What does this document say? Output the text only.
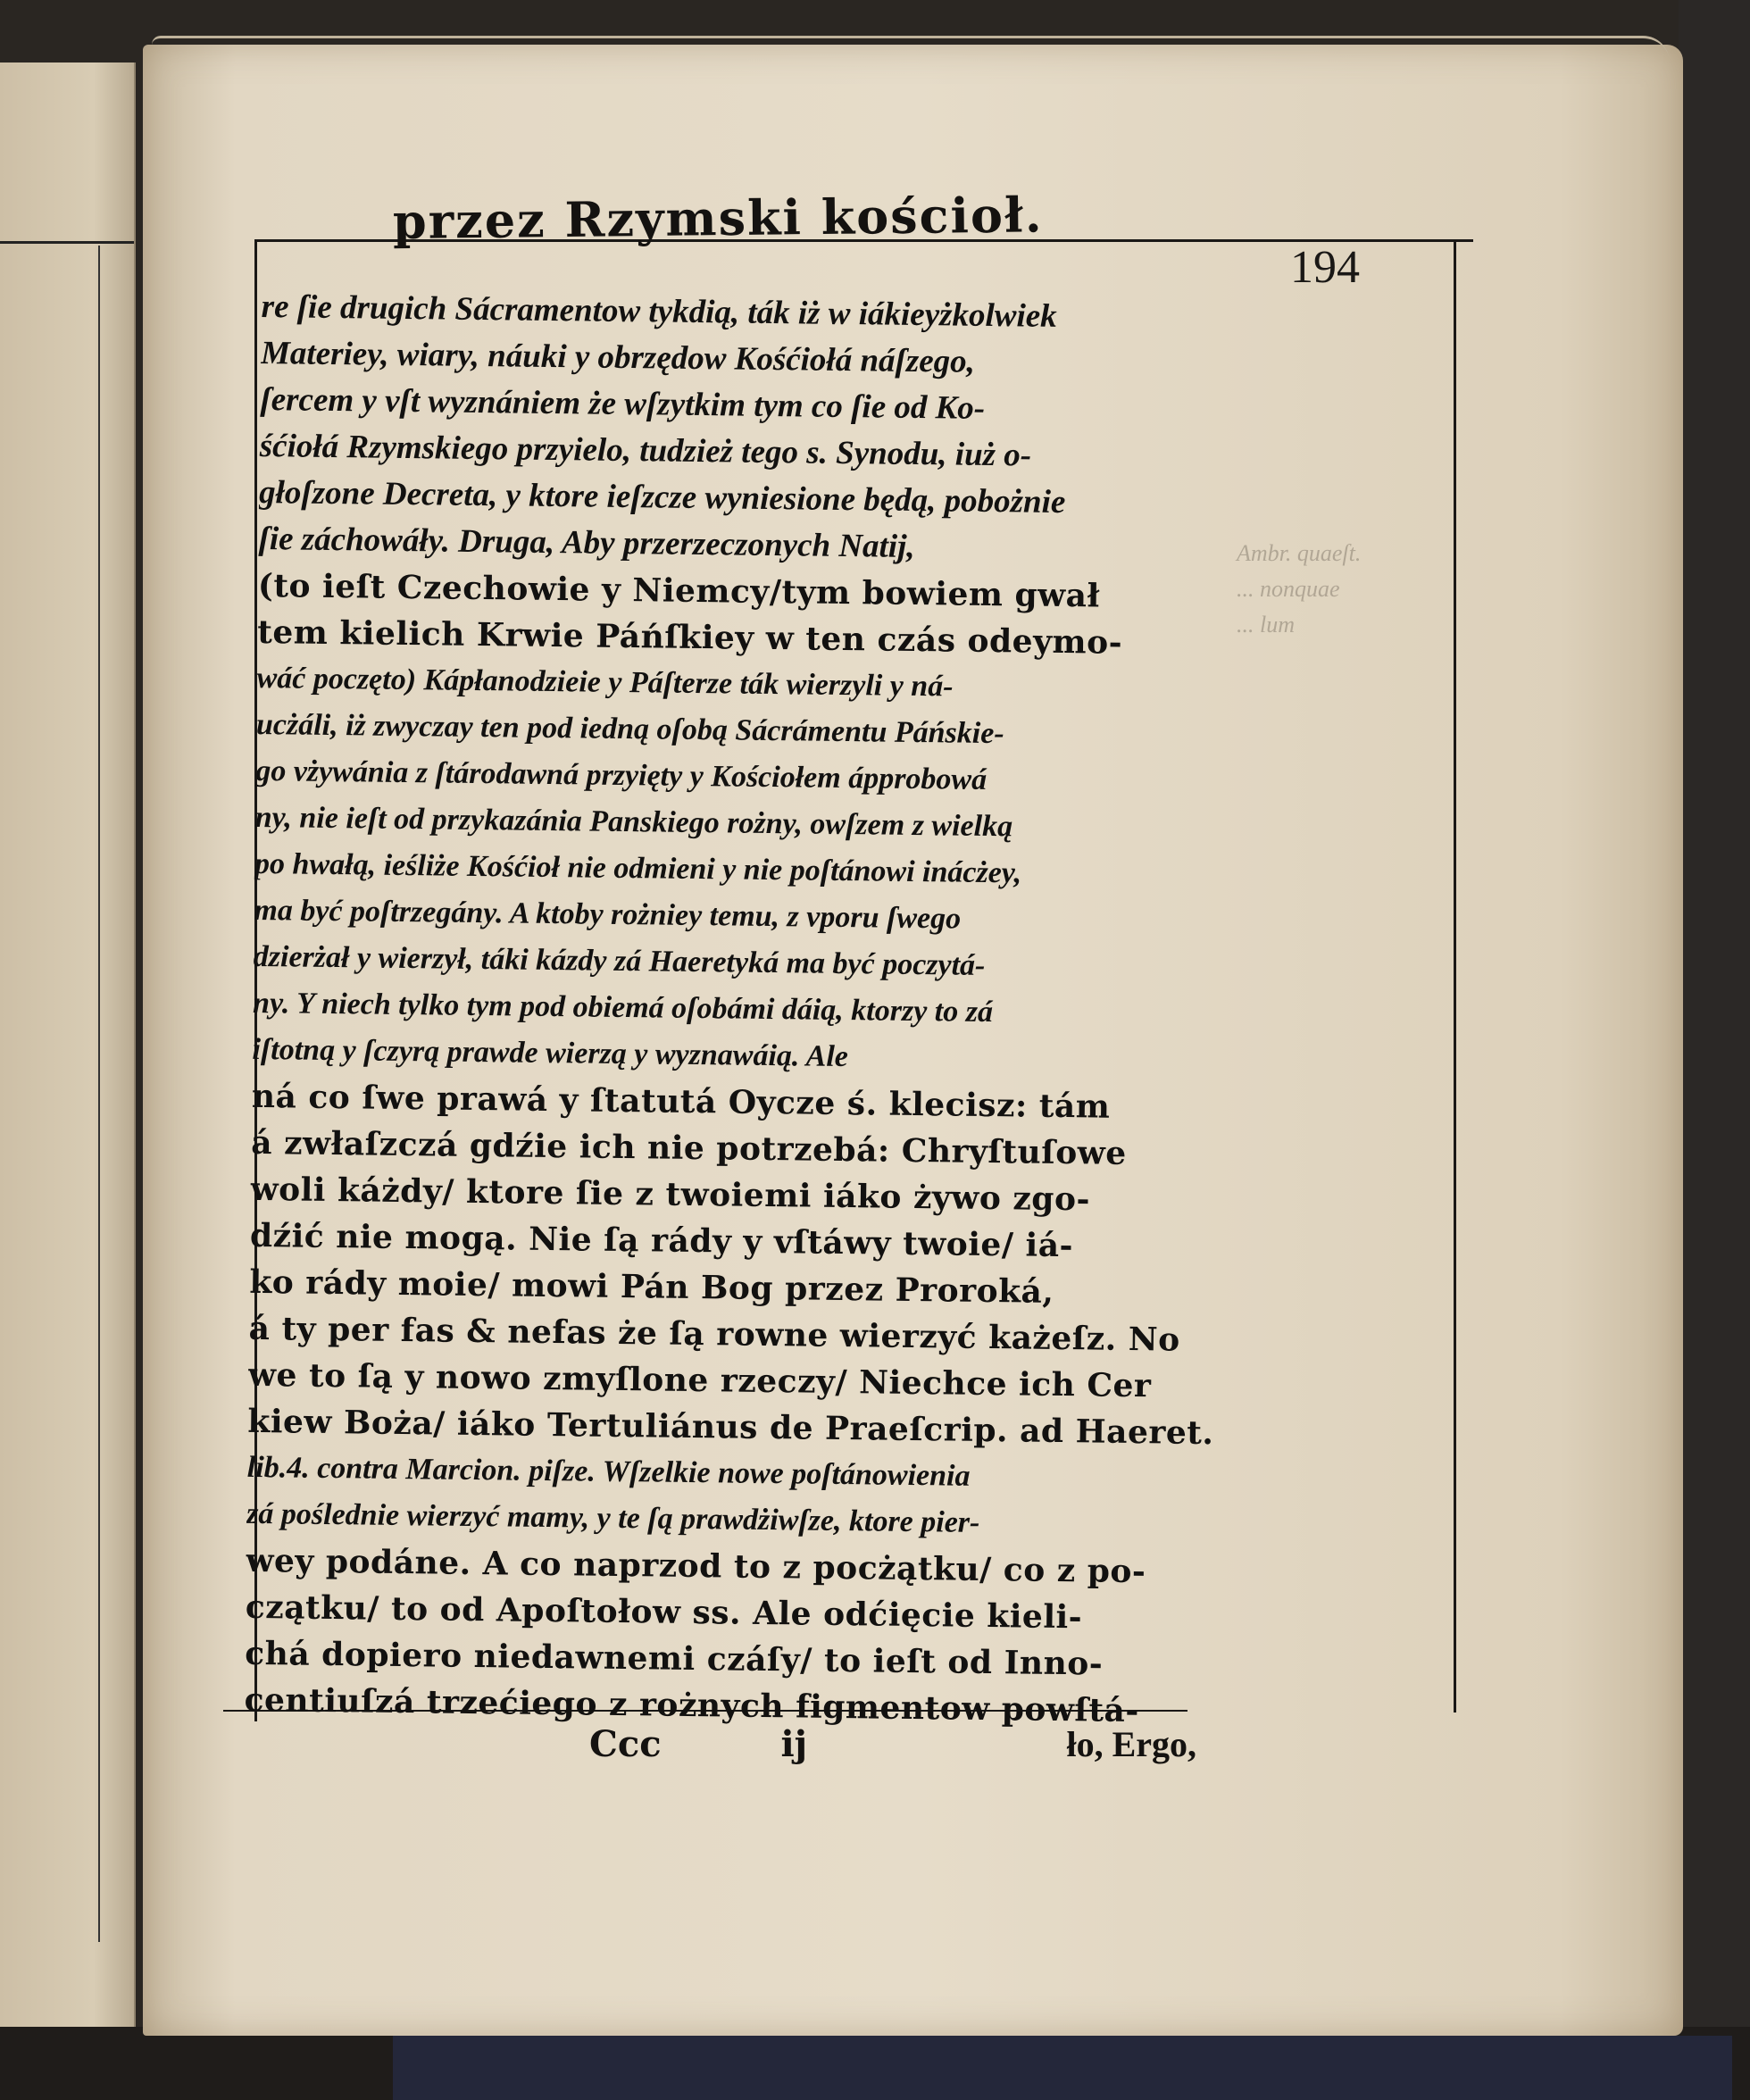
przez Rzymski kościoł.
194
re ſie drugich Sácramentow tykdią, ták iż w iákieyżkolwiek
Materiey, wiary, náuki y obrzędow Kośćiołá náſzego,
ſercem y vſt wyznániem że wſzytkim tym co ſie od Ko-
śćiołá Rzymskiego przyielo, tudzież tego s. Synodu, iuż o-
głoſzone Decreta, y ktore ieſzcze wyniesione będą, pobożnie
ſie záchowáły. Druga, Aby przerzeczonych Natij,
(to ieſt Czechowie y Niemcy/tym bowiem gwał
tem kielich Krwie Páńſkiey w ten czás odeymo-
wáć poczęto) Kápłanodzieie y Páſterze ták wierzyli y ná-
ucżáli, iż zwyczay ten pod iedną oſobą Sácrámentu Páńskie-
go vżywánia z ſtárodawná przyięty y Kościołem ápprobowá
ny, nie ieſt od przykazánia Panskiego rożny, owſzem z wielką
po hwałą, ieśliże Kośćioł nie odmieni y nie poſtánowi inácżey,
ma być poſtrzegány. A ktoby rożniey temu, z vporu ſwego
dzierżał y wierzył, táki kázdy zá Haeretyká ma być poczytá-
ny. Y niech tylko tym pod obiemá oſobámi dáią, ktorzy to zá
iſtotną y ſczyrą prawde wierzą y wyznawáią. Ale
ná co ſwe prawá y ſtatutá Oycze ś. klecisz: tám
á zwłaſzczá gdźie ich nie potrzebá: Chryſtuſowe
woli káżdy/ ktore ſie z twoiemi iáko żywo zgo-
dźić nie mogą. Nie ſą rády y vſtáwy twoie/ iá-
ko rády moie/ mowi Pán Bog przez Proroká,
á ty per fas & nefas że ſą rowne wierzyć każeſz. No
we to ſą y nowo zmyſlone rzeczy/ Niechce ich Cer
kiew Boża/ iáko Tertuliánus de Praeſcrip. ad Haeret.
lib.4. contra Marcion. piſze. Wſzelkie nowe poſtánowienia
zá poślednie wierzyć mamy, y te ſą prawdżiwſze, ktore pier-
wey podáne. A co naprzod to z pocżątku/ co z po-
czątku/ to od Apoſtołow ss. Ale odćięcie kieli-
chá dopiero niedawnemi czáſy/ to ieſt od Inno-
centiuſzá trzećiego z rożnych figmentow powſtá-
Ambr. quaeſt. ... nonquae ... lum
Ccc ij	ło, Ergo,
